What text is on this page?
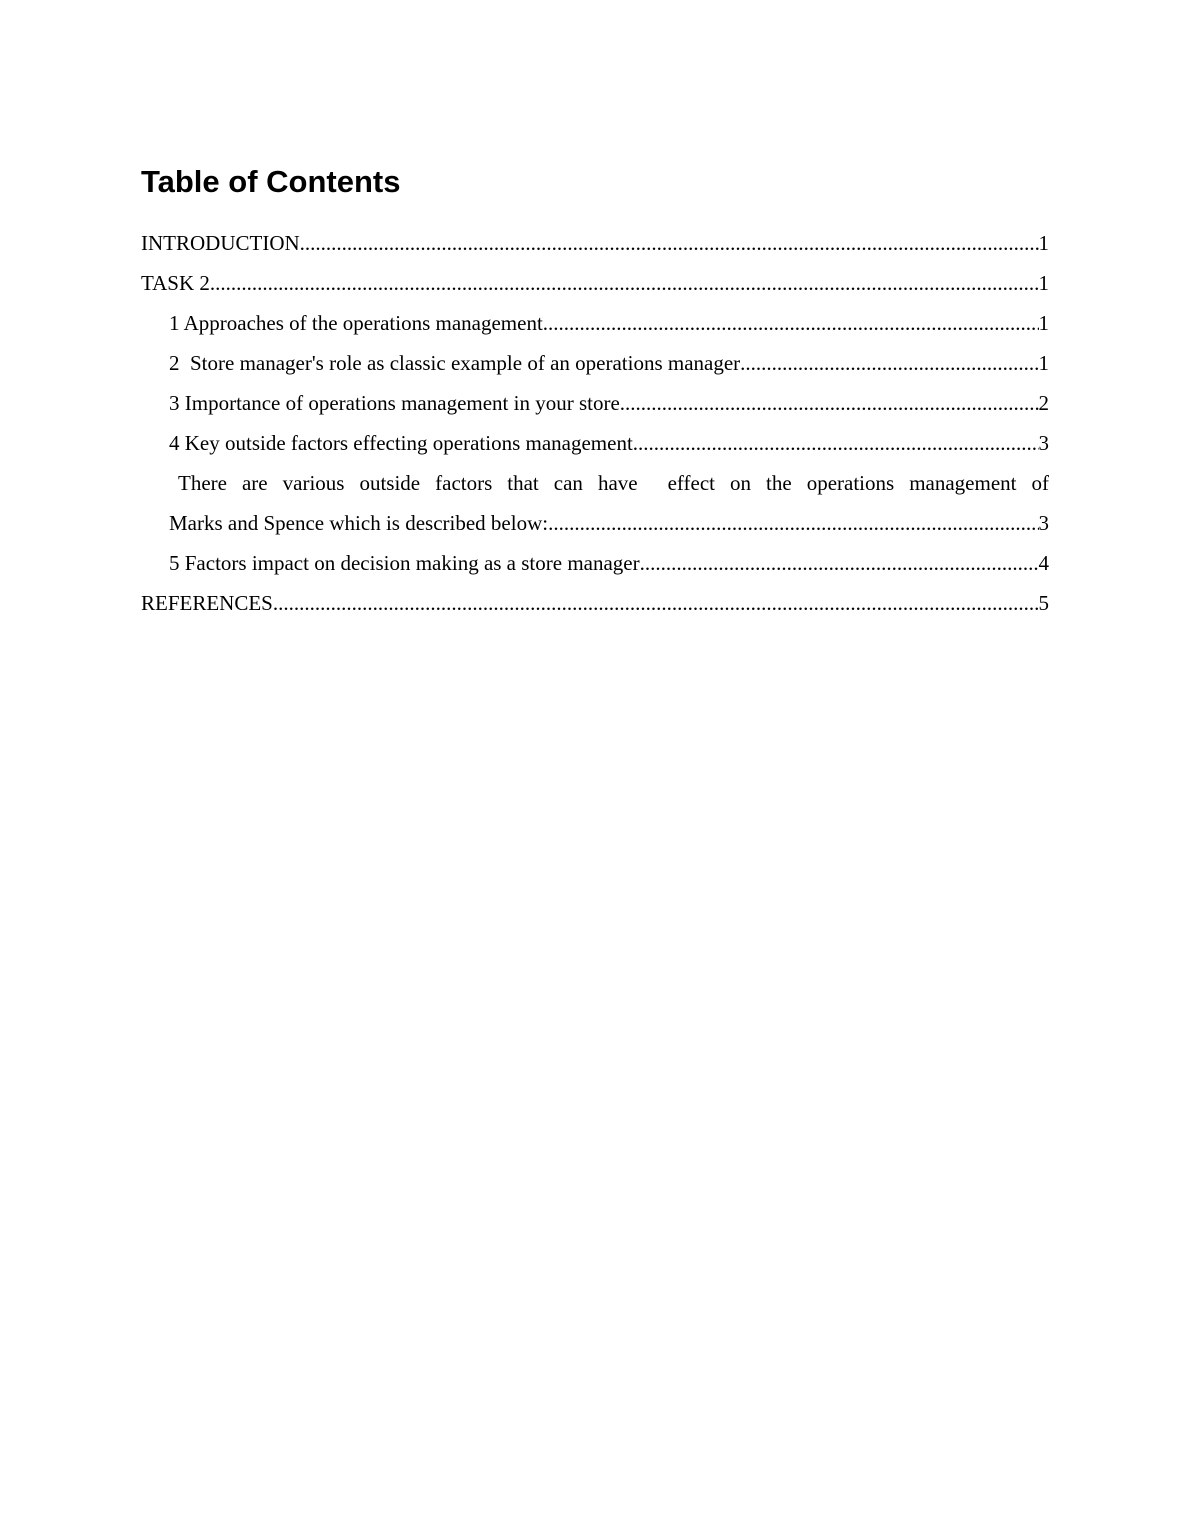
Table of Contents
INTRODUCTION .....	1
TASK 2 .....	1
1 Approaches of the operations management .....	1
2  Store manager's role as classic example of an operations manager .....	1
3 Importance of operations management in your store .....	2
4 Key outside factors effecting operations management .....	3
There are various outside factors that can have  effect on the operations management of
Marks and Spence which is described below: .....	3
5 Factors impact on decision making as a store manager .....	4
REFERENCES .....	5
